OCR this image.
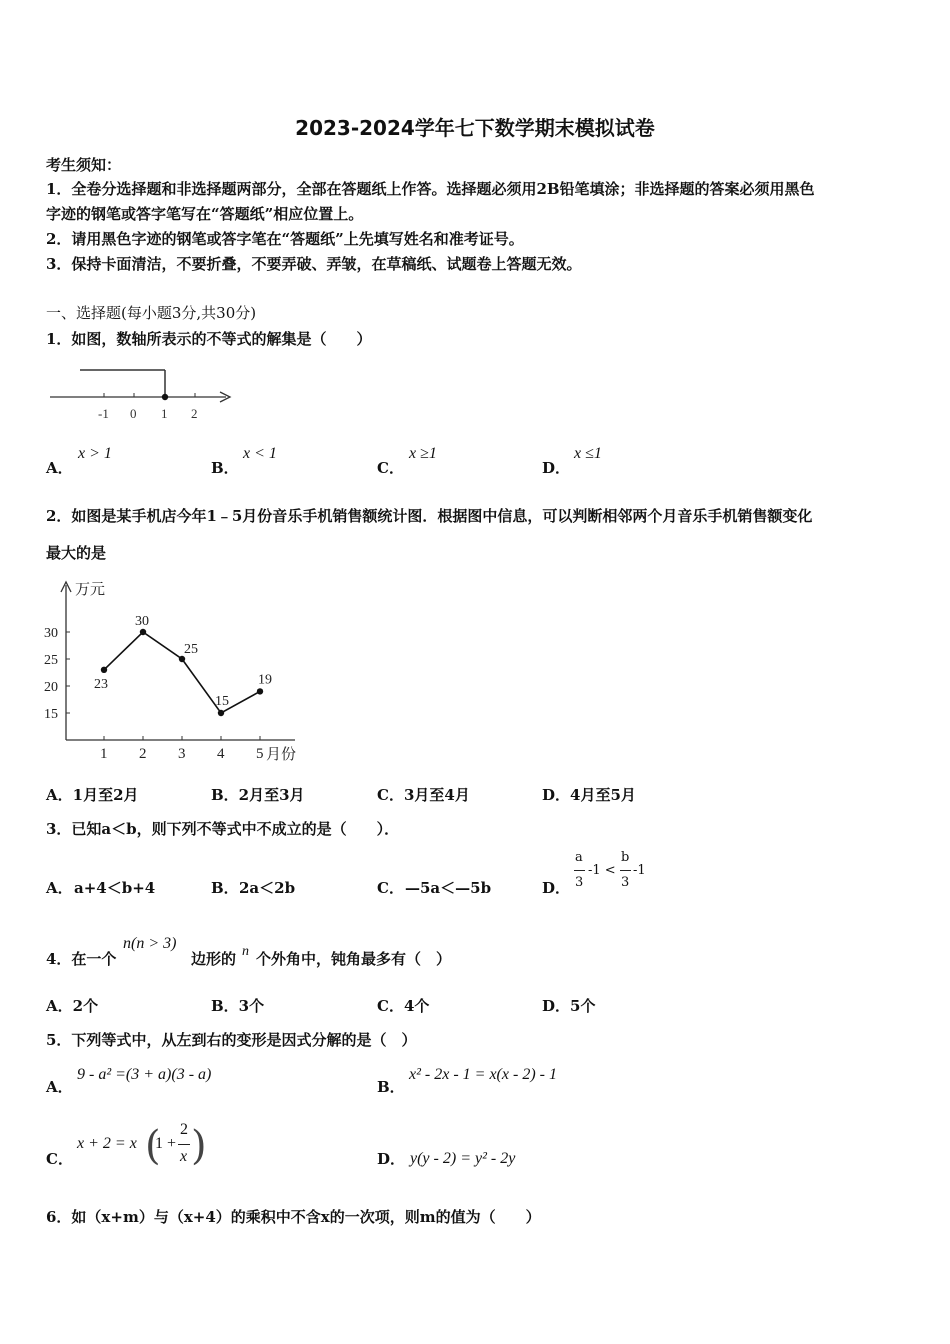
2023-2024学年七下数学期末模拟试卷
考生须知：
1．全卷分选择题和非选择题两部分，全部在答题纸上作答。选择题必须用2B铅笔填涂；非选择题的答案必须用黑色
字迹的钢笔或答字笔写在“答题纸”相应位置上。
2．请用黑色字迹的钢笔或答字笔在“答题纸”上先填写姓名和准考证号。
3．保持卡面清洁，不要折叠，不要弄破、弄皱，在草稿纸、试题卷上答题无效。
一、选择题(每小题3分,共30分)
1．如图，数轴所表示的不等式的解集是（　　）
-1 0 1 2
A．
x > 1
B．
x < 1
C．
x ≥1
D．
x ≤1
2．如图是某手机店今年1﹣5月份音乐手机销售额统计图．根据图中信息，可以判断相邻两个月音乐手机销售额变化
最大的是
万元
15
20
25
30
1 2 3 4 5 月份
23
30
25
15
19
A．1月至2月	B．2月至3月	C．3月至4月	D．4月至5月
3．已知a＜b，则下列不等式中不成立的是（　　）．
A． a+4＜b+4	B． 2a＜2b	C． —5a＜—5b	D．
a
3
-1 <
b
3
-1
4．在一个
n(n > 3)
边形的 n 个外角中，钝角最多有（　）
A．2个	B．3个	C．4个	D．5个
5．下列等式中，从左到右的变形是因式分解的是（　）
A．
9 - a² =(3 + a)(3 - a)
B．
x² - 2x - 1 = x(x - 2) - 1
C．
x + 2 = x (
1 +
2
x )	D． y(y - 2) = y² - 2y
6．如（x+m）与（x+4）的乘积中不含x的一次项，则m的值为（　　）
